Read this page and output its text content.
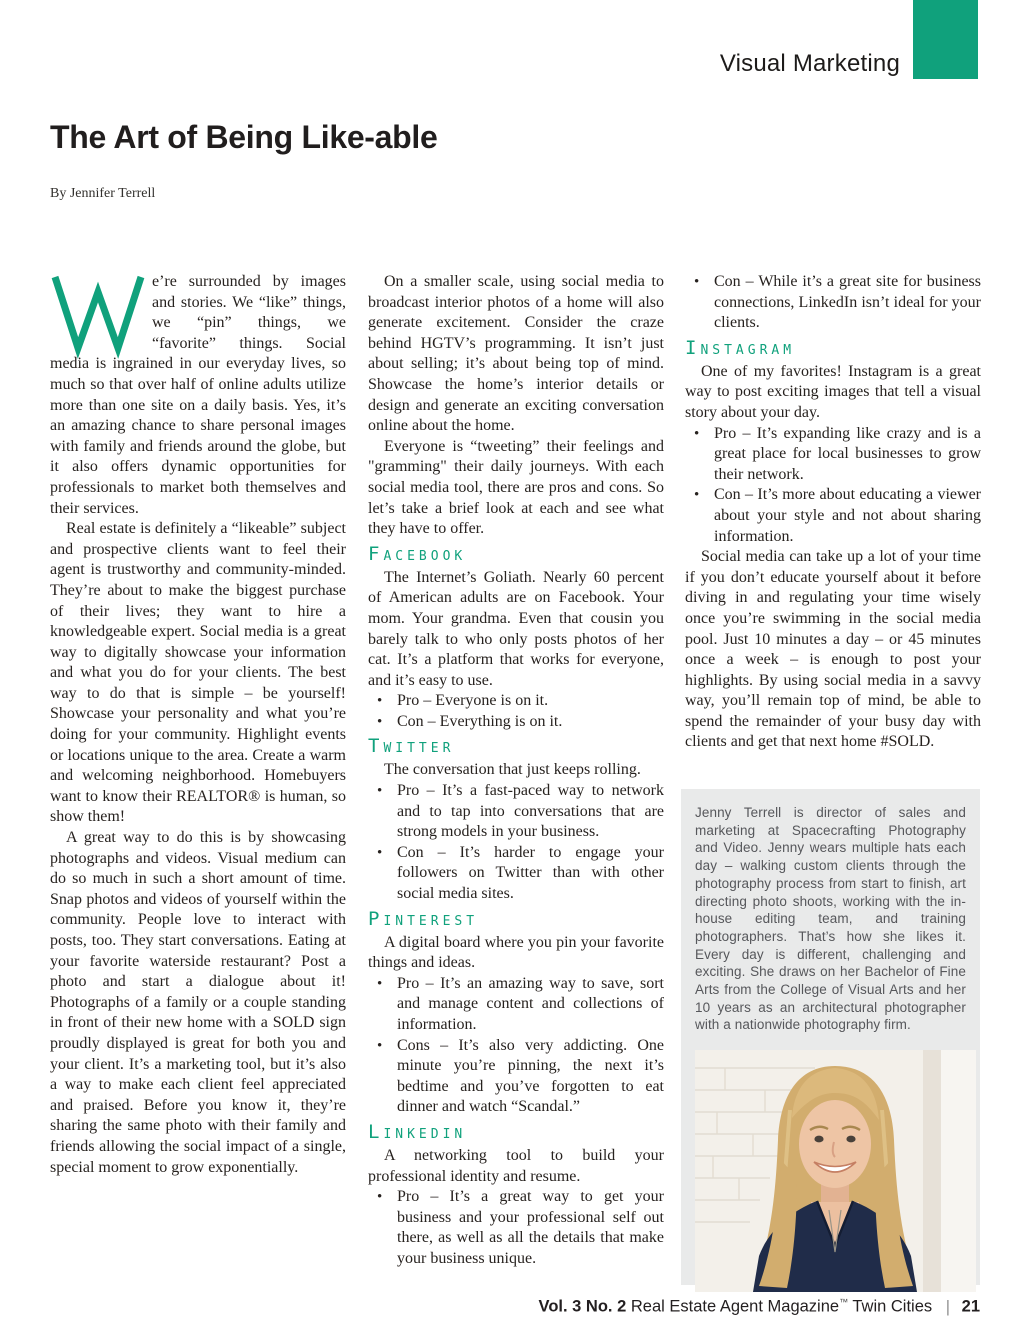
Visual Marketing
The Art of Being Like-able
By Jennifer Terrell

e’re surrounded by images and stories. We “like” things, we “pin” things, we “favorite” things. Social media is ingrained in our everyday lives, so much so that over half of online adults utilize more than one site on a daily basis. Yes, it’s an amazing chance to share personal images with family and friends around the globe, but it also offers dynamic opportunities for professionals to market both themselves and their services.

Real estate is definitely a “likeable” subject and prospective clients want to feel their agent is trustworthy and community-minded. They’re about to make the biggest purchase of their lives; they want to hire a knowledgeable expert. Social media is a great way to digitally showcase your information and what you do for your clients. The best way to do that is simple – be yourself! Showcase your personality and what you’re doing for your community. Highlight events or locations unique to the area. Create a warm and welcoming neighborhood. Homebuyers want to know their REALTOR® is human, so show them!

A great way to do this is by showcasing photographs and videos. Visual medium can do so much in such a short amount of time. Snap photos and videos of yourself within the community. People love to interact with posts, too. They start conversations. Eating at your favorite waterside restaurant? Post a photo and start a dialogue about it! Photographs of a family or a couple standing in front of their new home with a SOLD sign proudly displayed is great for both you and your client. It’s a marketing tool, but it’s also a way to make each client feel appreciated and praised. Before you know it, they’re sharing the same photo with their family and friends allowing the social impact of a single, special moment to grow exponentially.

On a smaller scale, using social media to broadcast interior photos of a home will also generate excitement. Consider the craze behind HGTV’s programming. It isn’t just about selling; it’s about being top of mind. Showcase the home’s interior details or design and generate an exciting conversation online about the home.

Everyone is “tweeting” their feelings and "gramming" their daily journeys. With each social media tool, there are pros and cons. So let’s take a brief look at each and see what they have to offer.

Facebook

The Internet’s Goliath. Nearly 60 percent of American adults are on Facebook. Your mom. Your grandma. Even that cousin you barely talk to who only posts photos of her cat. It’s a platform that works for everyone, and it’s easy to use.

• Pro – Everyone is on it.
• Con – Everything is on it.
Twitter

The conversation that just keeps rolling.

• Pro – It’s a fast-paced way to network and to tap into conversations that are strong models in your business.
• Con – It’s harder to engage your followers on Twitter than with other social media sites.
Pinterest

A digital board where you pin your favorite things and ideas.

• Pro – It’s an amazing way to save, sort and manage content and collections of information.
• Cons – It’s also very addicting. One minute you’re pinning, the next it’s bedtime and you’ve forgotten to eat dinner and watch “Scandal.”
Linkedin

A networking tool to build your professional identity and resume.

• Pro – It’s a great way to get your business and your professional self out there, as well as all the details that make your business unique.
• Con – While it’s a great site for business connections, LinkedIn isn’t ideal for your clients.
Instagram

One of my favorites! Instagram is a great way to post exciting images that tell a visual story about your day.

• Pro – It’s expanding like crazy and is a great place for local businesses to grow their network.
• Con – It’s more about educating a viewer about your style and not about sharing information.

Social media can take up a lot of your time if you don’t educate yourself about it before diving in and regulating your time wisely once you’re swimming in the social media pool. Just 10 minutes a day – or 45 minutes once a week – is enough to post your highlights. By using social media in a savvy way, you’ll remain top of mind, be able to spend the remainder of your busy day with clients and get that next home #SOLD.

Jenny Terrell is director of sales and marketing at Spacecrafting Photography and Video. Jenny wears multiple hats each day – walking custom clients through the photography process from start to finish, art directing photo shoots, working with the in-house editing team, and training photographers. That’s how she likes it. Every day is different, challenging and exciting. She draws on her Bachelor of Fine Arts from the College of Visual Arts and her 10 years as an architectural photographer with a nationwide photography firm.

Vol. 3 No. 2 Real Estate Agent Magazine™ Twin Cities | 21
